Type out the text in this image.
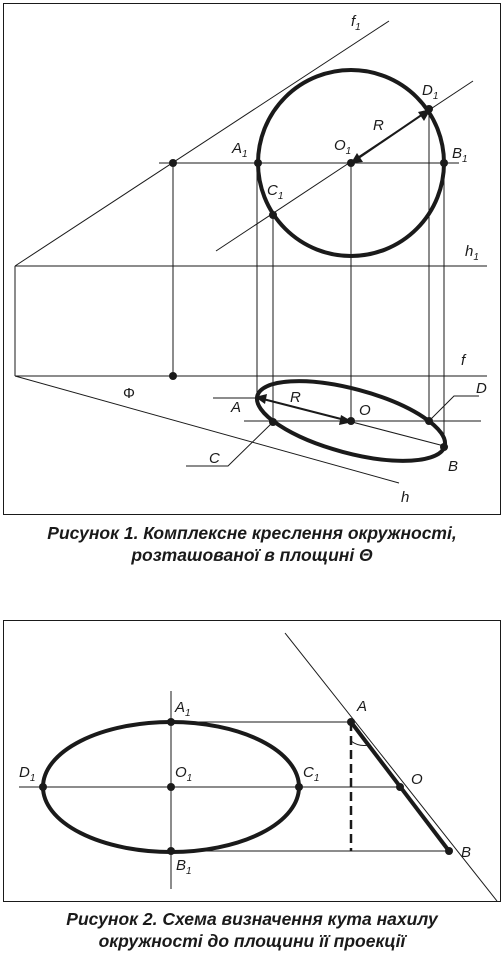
$f_1$
$D_1$
R
$A_1$
$O_1$	$B_1$
$C_1$
$h_1$
f
D
Φ
A
R
O
C	B
h
Рисунок 1. Комплексне креслення окружності,
розташованої в площині Θ
$A_1$	A
$D_1$	$O_1$	$C_1$	O
$B_1$
B
Рисунок 2. Схема визначення кута нахилу
окружності до площини її проекції
